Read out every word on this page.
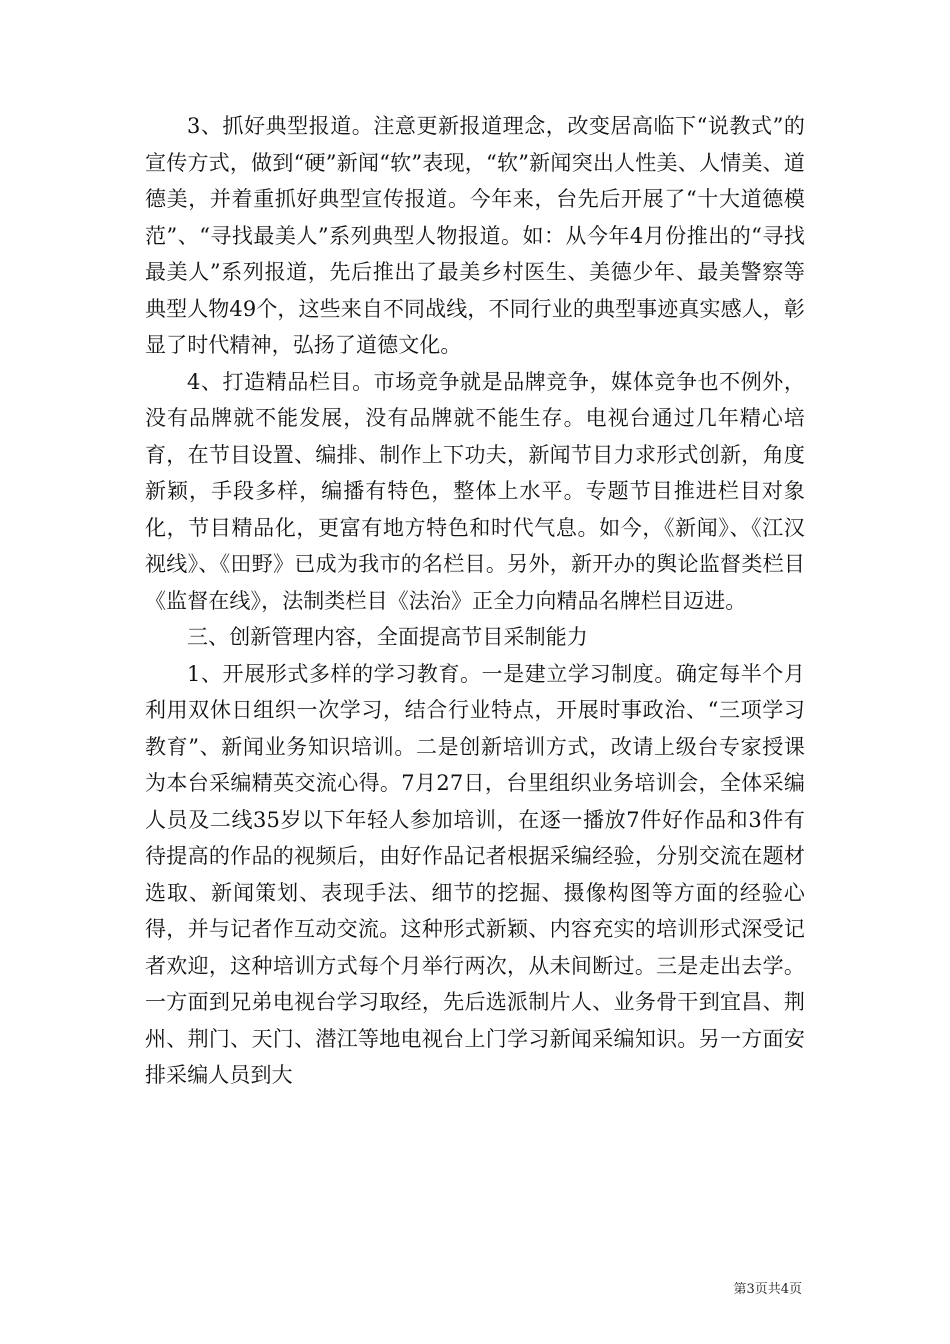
3、抓好典型报道。注意更新报道理念，改变居高临下“说教式”的宣传方式，做到“硬”新闻“软”表现，“软”新闻突出人性美、人情美、道德美，并着重抓好典型宣传报道。今年来，台先后开展了“十大道德模范”、“寻找最美人”系列典型人物报道。如：从今年4月份推出的“寻找最美人”系列报道，先后推出了最美乡村医生、美德少年、最美警察等典型人物49个，这些来自不同战线，不同行业的典型事迹真实感人，彰显了时代精神，弘扬了道德文化。

4、打造精品栏目。市场竞争就是品牌竞争，媒体竞争也不例外，没有品牌就不能发展，没有品牌就不能生存。电视台通过几年精心培育，在节目设置、编排、制作上下功夫，新闻节目力求形式创新，角度新颖，手段多样，编播有特色，整体上水平。专题节目推进栏目对象化，节目精品化，更富有地方特色和时代气息。如今，《新闻》、《江汉视线》、《田野》已成为我市的名栏目。另外，新开办的舆论监督类栏目《监督在线》，法制类栏目《法治》正全力向精品名牌栏目迈进。

三、创新管理内容，全面提高节目采制能力

1、开展形式多样的学习教育。一是建立学习制度。确定每半个月利用双休日组织一次学习，结合行业特点，开展时事政治、“三项学习教育”、新闻业务知识培训。二是创新培训方式，改请上级台专家授课为本台采编精英交流心得。7月27日，台里组织业务培训会，全体采编人员及二线35岁以下年轻人参加培训，在逐一播放7件好作品和3件有待提高的作品的视频后，由好作品记者根据采编经验，分别交流在题材选取、新闻策划、表现手法、细节的挖掘、摄像构图等方面的经验心得，并与记者作互动交流。这种形式新颖、内容充实的培训形式深受记者欢迎，这种培训方式每个月举行两次，从未间断过。三是走出去学。一方面到兄弟电视台学习取经，先后选派制片人、业务骨干到宜昌、荆州、荆门、天门、潜江等地电视台上门学习新闻采编知识。另一方面安排采编人员到大

第3页共4页
